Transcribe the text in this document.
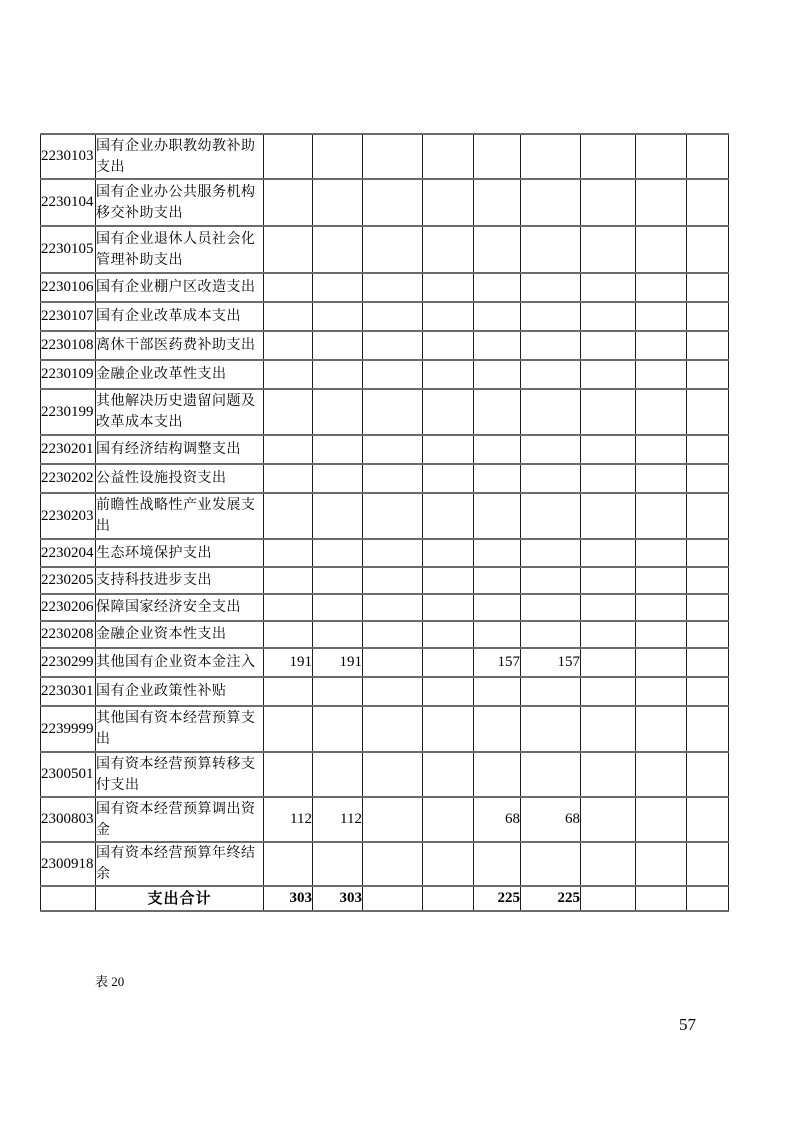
2230103	国有企业办职教幼教补助支出									
2230104	国有企业办公共服务机构移交补助支出									
2230105	国有企业退休人员社会化管理补助支出									
2230106	国有企业棚户区改造支出									
2230107	国有企业改革成本支出									
2230108	离休干部医药费补助支出									
2230109	金融企业改革性支出									
2230199	其他解决历史遗留问题及改革成本支出									
2230201	国有经济结构调整支出									
2230202	公益性设施投资支出									
2230203	前瞻性战略性产业发展支出									
2230204	生态环境保护支出									
2230205	支持科技进步支出									
2230206	保障国家经济安全支出									
2230208	金融企业资本性支出									
2230299	其他国有企业资本金注入	191	191			157	157			
2230301	国有企业政策性补贴									
2239999	其他国有资本经营预算支出									
2300501	国有资本经营预算转移支付支出									
2300803	国有资本经营预算调出资金	112	112			68	68			
2300918	国有资本经营预算年终结余									
	支出合计	303	303			225	225			
表 20
57
